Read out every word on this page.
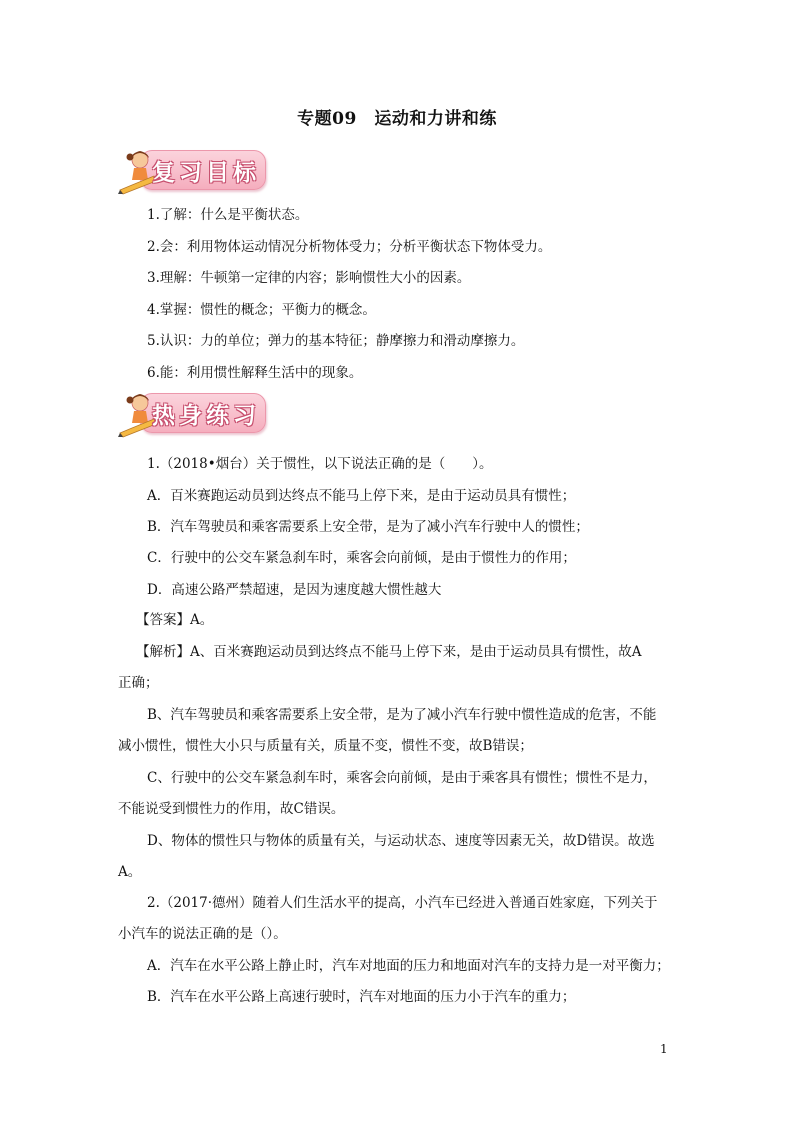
专题09　运动和力讲和练
复习目标
1.了解：什么是平衡状态。
2.会：利用物体运动情况分析物体受力；分析平衡状态下物体受力。
3.理解：牛顿第一定律的内容；影响惯性大小的因素。
4.掌握：惯性的概念；平衡力的概念。
5.认识：力的单位；弹力的基本特征；静摩擦力和滑动摩擦力。
6.能：利用惯性解释生活中的现象。
热身练习
1.（2018•烟台）关于惯性，以下说法正确的是（　　）。
A．百米赛跑运动员到达终点不能马上停下来，是由于运动员具有惯性；
B．汽车驾驶员和乘客需要系上安全带，是为了减小汽车行驶中人的惯性；
C．行驶中的公交车紧急刹车时，乘客会向前倾，是由于惯性力的作用；
D．高速公路严禁超速，是因为速度越大惯性越大
【答案】A。
【解析】A、百米赛跑运动员到达终点不能马上停下来，是由于运动员具有惯性，故A
正确；
B、汽车驾驶员和乘客需要系上安全带，是为了减小汽车行驶中惯性造成的危害，不能
减小惯性，惯性大小只与质量有关，质量不变，惯性不变，故B错误；
C、行驶中的公交车紧急刹车时，乘客会向前倾，是由于乘客具有惯性；惯性不是力，
不能说受到惯性力的作用，故C错误。
D、物体的惯性只与物体的质量有关，与运动状态、速度等因素无关，故D错误。故选
A。
2.（2017·德州）随着人们生活水平的提高，小汽车已经进入普通百姓家庭，下列关于
小汽车的说法正确的是（）。
A．汽车在水平公路上静止时，汽车对地面的压力和地面对汽车的支持力是一对平衡力；
B．汽车在水平公路上高速行驶时，汽车对地面的压力小于汽车的重力；
1
